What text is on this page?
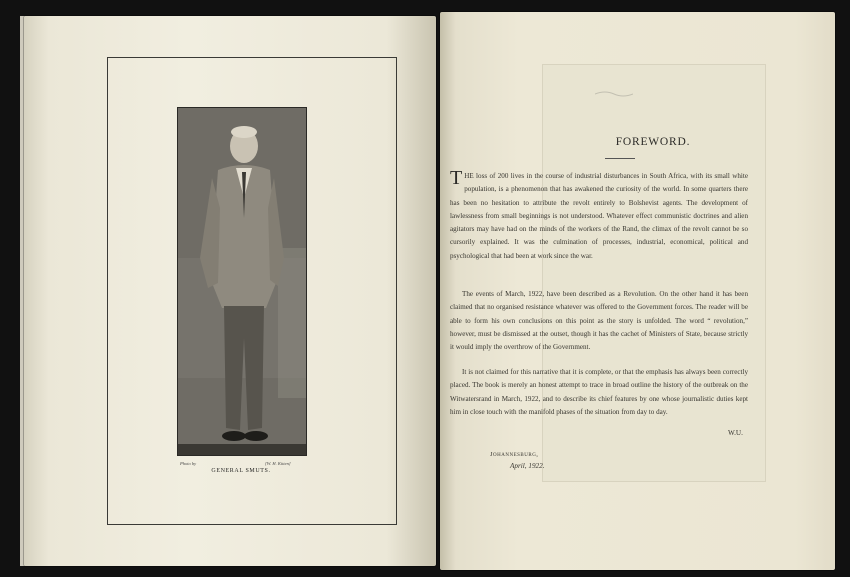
Photo by	[W. H. Kitten]
GENERAL SMUTS.
FOREWORD.

THE loss of 200 lives in the course of industrial disturbances in South Africa, with its small white population, is a phenomenon that has awakened the curiosity of the world. In some quarters there has been no hesitation to attribute the revolt entirely to Bolshevist agents. The development of lawlessness from small beginnings is not understood. Whatever effect communistic doctrines and alien agitators may have had on the minds of the workers of the Rand, the climax of the revolt cannot be so cursorily explained. It was the culmination of processes, industrial, economical, political and psychological that had been at work since the war.

The events of March, 1922, have been described as a Revolution. On the other hand it has been claimed that no organised resistance whatever was offered to the Government forces. The reader will be able to form his own conclusions on this point as the story is unfolded. The word “ revolution,” however, must be dismissed at the outset, though it has the cachet of Ministers of State, because strictly it would imply the overthrow of the Government.

It is not claimed for this narrative that it is complete, or that the emphasis has always been correctly placed. The book is merely an honest attempt to trace in broad outline the history of the outbreak on the Witwatersrand in March, 1922, and to describe its chief features by one whose journalistic duties kept him in close touch with the manifold phases of the situation from day to day.

W.U.
Johannesburg,
April, 1922.
